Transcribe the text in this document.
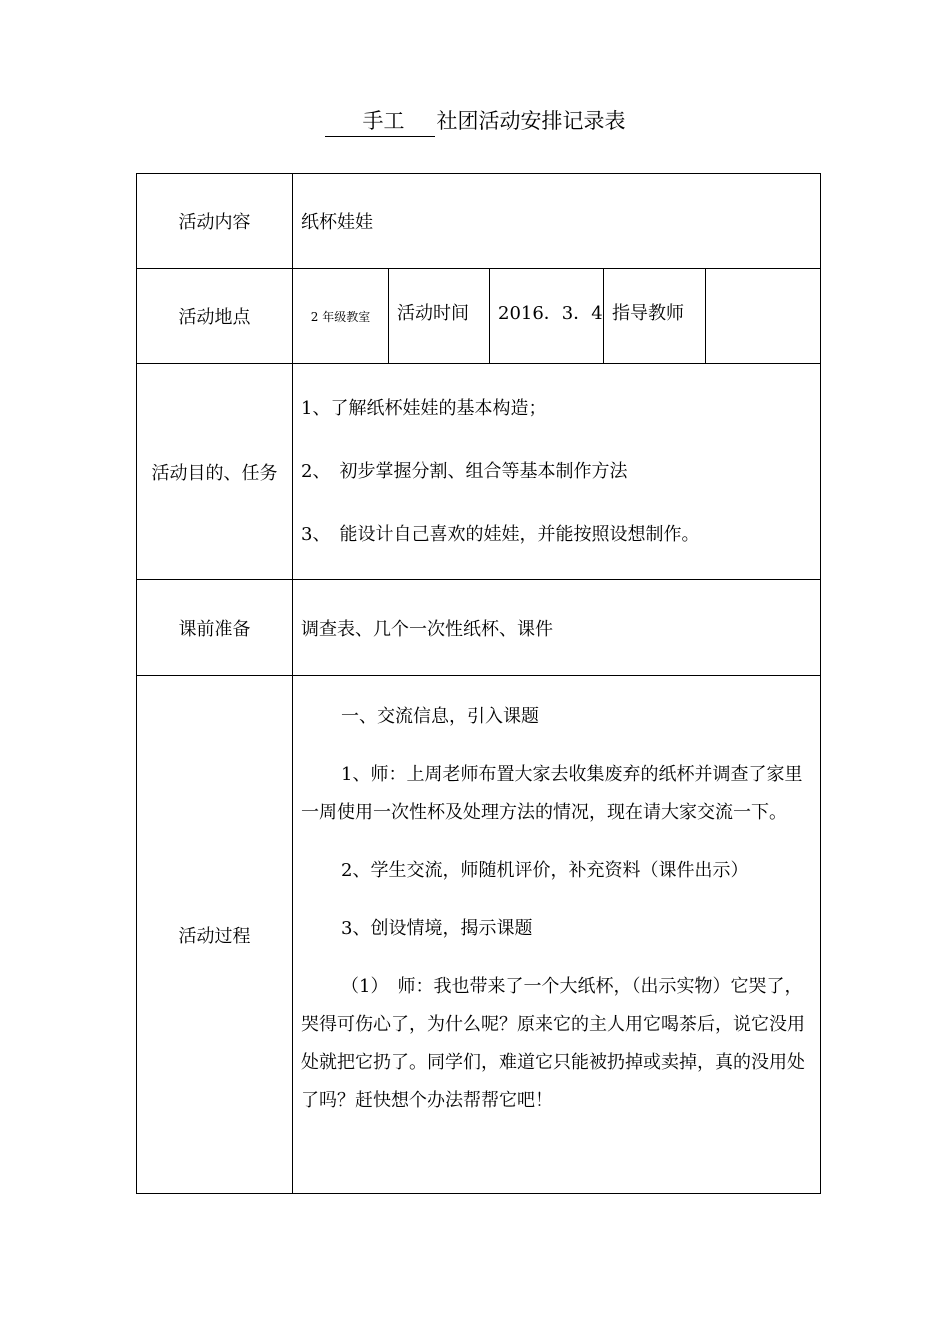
手工 社团活动安排记录表
活动内容	纸杯娃娃				
活动地点	2 年级教室	活动时间	2016．3．4	指导教师	
活动目的、任务	1、了解纸杯娃娃的基本构造；
2、　初步掌握分割、组合等基本制作方法
3、　能设计自己喜欢的娃娃，并能按照设想制作。				

课前准备	调查表、几个一次性纸杯、课件				
活动过程	一、交流信息，引入课题

1、师：上周老师布置大家去收集废弃的纸杯并调查了家里一周使用一次性杯及处理方法的情况，现在请大家交流一下。

2、学生交流，师随机评价，补充资料（课件出示）

3、创设情境，揭示课题

（1）　师：我也带来了一个大纸杯，（出示实物）它哭了，哭得可伤心了，为什么呢？原来它的主人用它喝茶后，说它没用处就把它扔了。同学们，难道它只能被扔掉或卖掉，真的没用处了吗？赶快想个办法帮帮它吧！				
